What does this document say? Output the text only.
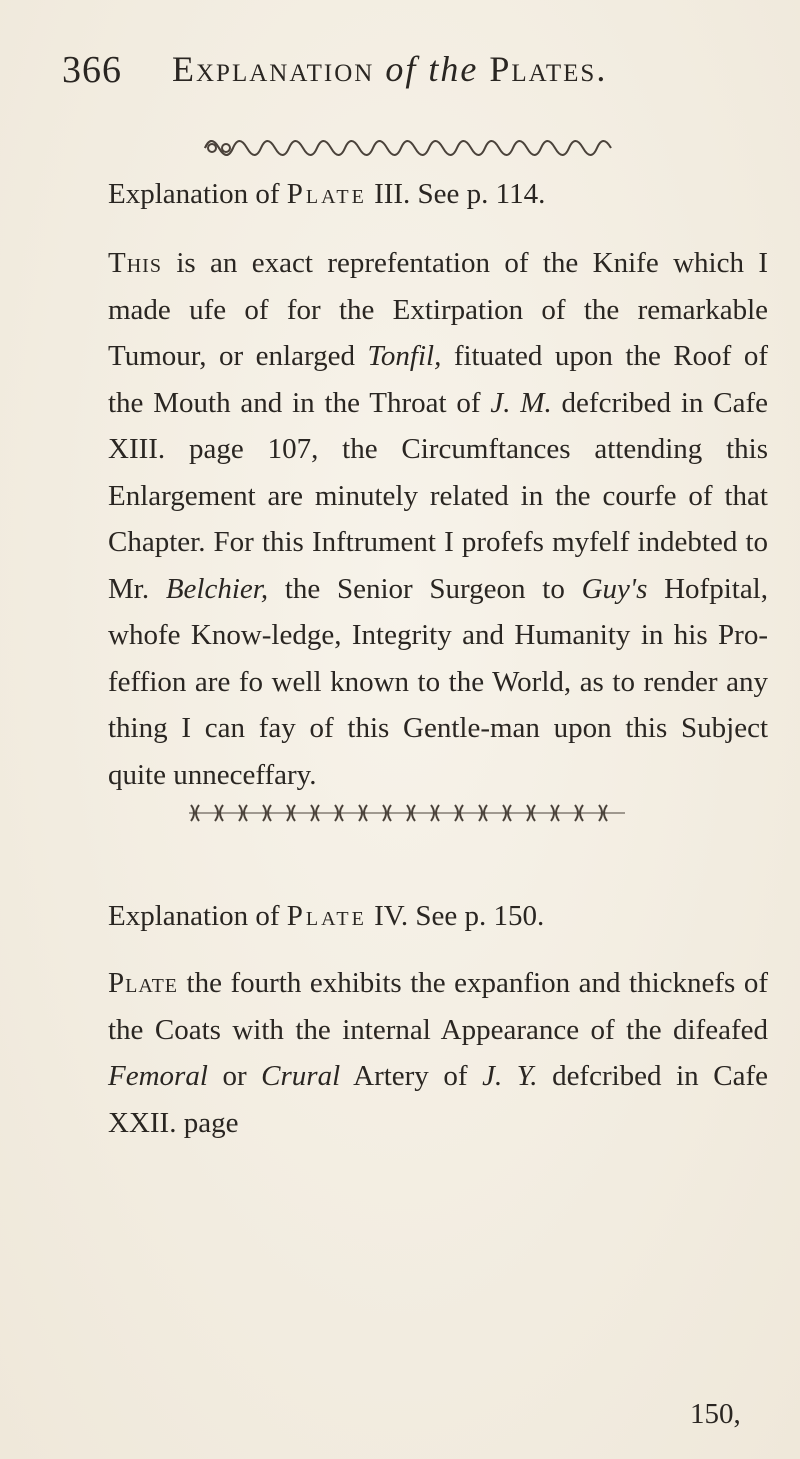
366 Explanation of the Plates.
Explanation of Plate III. See p. 114.

This is an exact reprefentation of the Knife which I made ufe of for the Extirpation of the remarkable Tumour, or enlarged Tonfil, fituated upon the Roof of the Mouth and in the Throat of J. M. defcribed in Cafe XIII. page 107, the Circumftances attending this Enlargement are minutely related in the courfe of that Chapter. For this Inftrument I profefs myfelf indebted to Mr. Belchier, the Senior Surgeon to Guy's Hofpital, whofe Know-ledge, Integrity and Humanity in his Pro-feffion are fo well known to the World, as to render any thing I can fay of this Gentle-man upon this Subject quite unneceffary.

Explanation of Plate IV. See p. 150.

Plate the fourth exhibits the expanfion and thicknefs of the Coats with the internal Appearance of the difeafed Femoral or Crural Artery of J. Y. defcribed in Cafe XXII. page

150,
